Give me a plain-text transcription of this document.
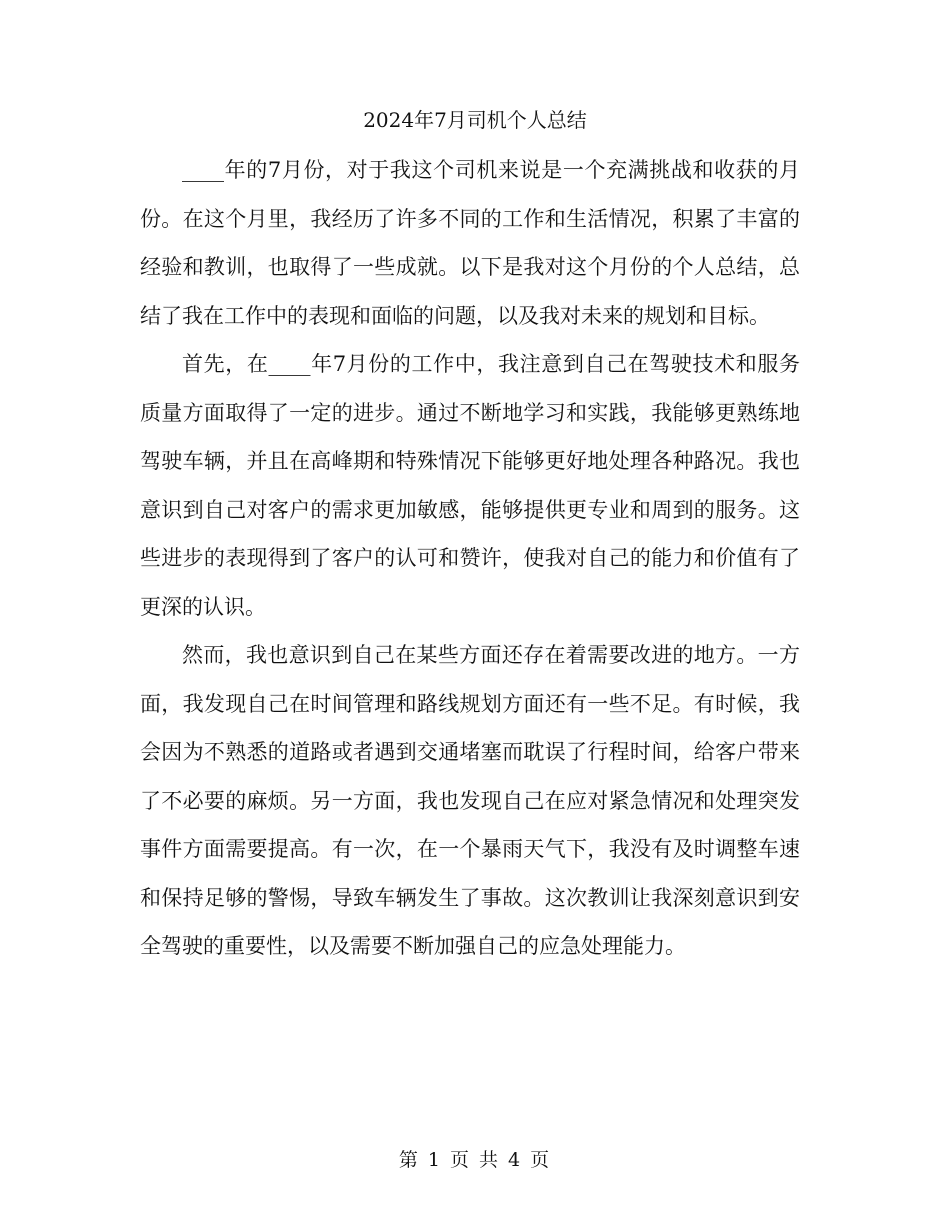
2024年7月司机个人总结

____年的7月份，对于我这个司机来说是一个充满挑战和收获的月份。在这个月里，我经历了许多不同的工作和生活情况，积累了丰富的经验和教训，也取得了一些成就。以下是我对这个月份的个人总结，总结了我在工作中的表现和面临的问题，以及我对未来的规划和目标。

首先，在____年7月份的工作中，我注意到自己在驾驶技术和服务质量方面取得了一定的进步。通过不断地学习和实践，我能够更熟练地驾驶车辆，并且在高峰期和特殊情况下能够更好地处理各种路况。我也意识到自己对客户的需求更加敏感，能够提供更专业和周到的服务。这些进步的表现得到了客户的认可和赞许，使我对自己的能力和价值有了更深的认识。

然而，我也意识到自己在某些方面还存在着需要改进的地方。一方面，我发现自己在时间管理和路线规划方面还有一些不足。有时候，我会因为不熟悉的道路或者遇到交通堵塞而耽误了行程时间，给客户带来了不必要的麻烦。另一方面，我也发现自己在应对紧急情况和处理突发事件方面需要提高。有一次，在一个暴雨天气下，我没有及时调整车速和保持足够的警惕，导致车辆发生了事故。这次教训让我深刻意识到安全驾驶的重要性，以及需要不断加强自己的应急处理能力。

第 1 页 共 4 页
